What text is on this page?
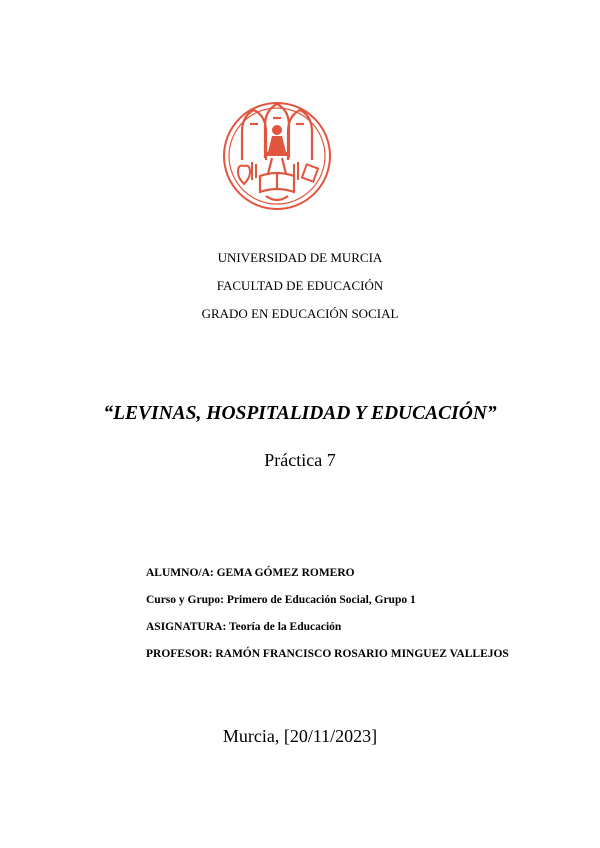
UNIVERSIDAD DE MURCIA
FACULTAD DE EDUCACIÓN
GRADO EN EDUCACIÓN SOCIAL
“LEVINAS, HOSPITALIDAD Y EDUCACIÓN”
Práctica 7
ALUMNO/A: GEMA GÓMEZ ROMERO
Curso y Grupo: Primero de Educación Social, Grupo 1
ASIGNATURA: Teoría de la Educación
PROFESOR: RAMÓN FRANCISCO ROSARIO MINGUEZ VALLEJOS
Murcia, [20/11/2023]
